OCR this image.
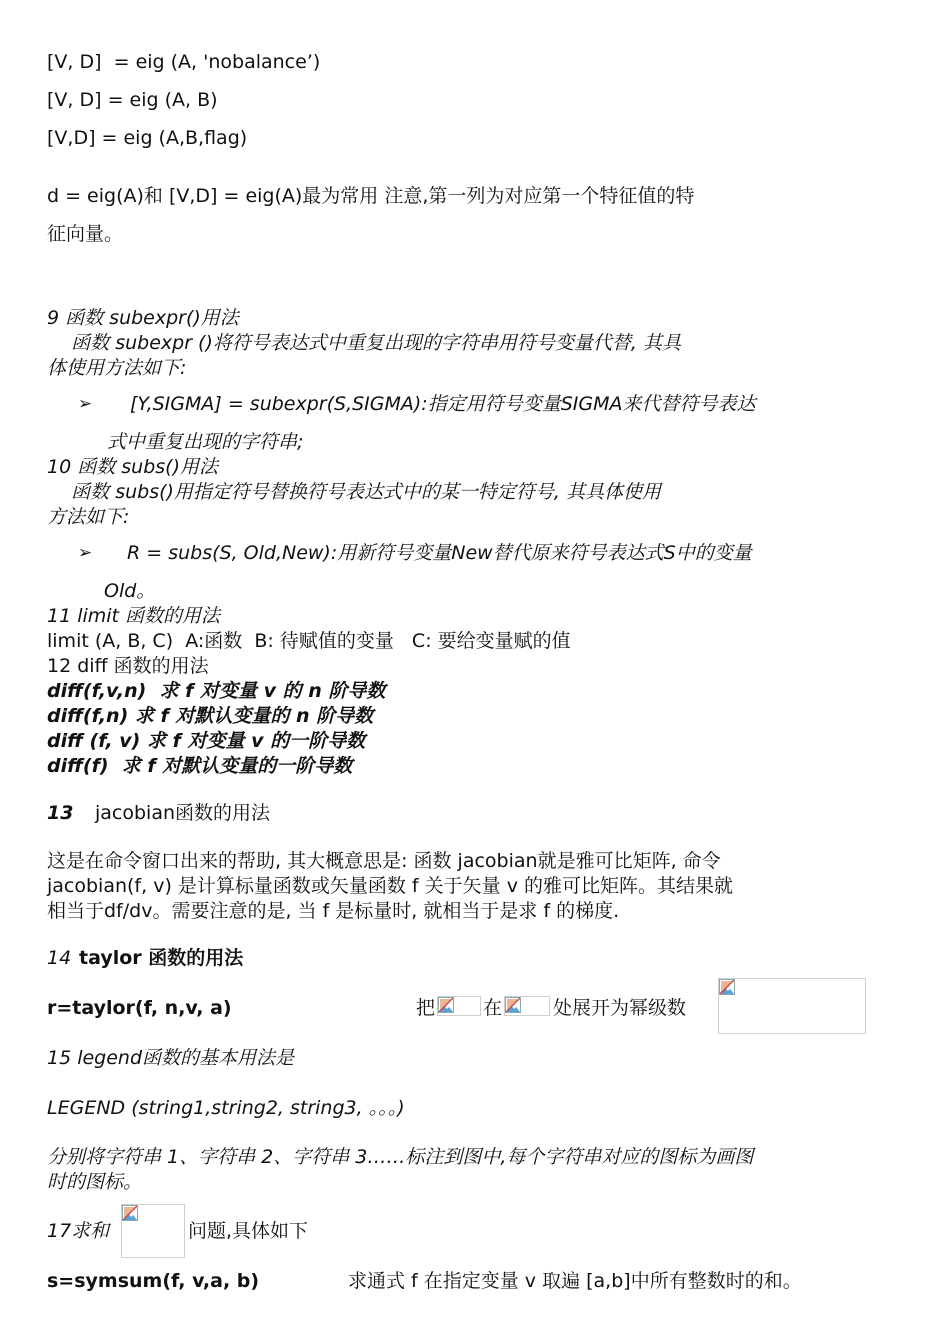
[V, D]  = eig (A, 'nobalance’)
[V, D] = eig (A, B)
[V,D] = eig (A,B,flag)
d = eig(A)和 [V,D] = eig(A)最为常用 注意,第一列为对应第一个特征值的特
征向量。
9 函数 subexpr()用法
函数 subexpr ()将符号表达式中重复出现的字符串用符号变量代替, 其具
体使用方法如下:
➢ [Y,SIGMA] = subexpr(S,SIGMA):指定用符号变量SIGMA来代替符号表达
式中重复出现的字符串;
10 函数 subs()用法
函数 subs()用指定符号替换符号表达式中的某一特定符号, 其具体使用
方法如下:
➢ R = subs(S, Old,New):用新符号变量New替代原来符号表达式S中的变量
Old。
11 limit 函数的用法
limit (A, B, C)  A:函数  B: 待赋值的变量   C: 要给变量赋的值
12 diff 函数的用法
diff(f,v,n)  求 f 对变量 v 的 n 阶导数
diff(f,n) 求 f 对默认变量的 n 阶导数
diff (f, v) 求 f 对变量 v 的一阶导数
diff(f)  求 f 对默认变量的一阶导数
13 jacobian函数的用法
这是在命令窗口出来的帮助, 其大概意思是: 函数 jacobian就是雅可比矩阵, 命令
jacobian(f, v) 是计算标量函数或矢量函数 f 关于矢量 v 的雅可比矩阵。其结果就
相当于df/dv。需要注意的是, 当 f 是标量时, 就相当于是求 f 的梯度.
14 taylor 函数的用法
r=taylor(f, n,v, a)	把	在	处展开为幂级数
15 legend函数的基本用法是
LEGEND (string1,string2, string3, 。。。)
分别将字符串 1、字符串 2、字符串 3……标注到图中,每个字符串对应的图标为画图
时的图标。
17求和	问题,具体如下
s=symsum(f, v,a, b)	求通式 f 在指定变量 v 取遍 [a,b]中所有整数时的和。
